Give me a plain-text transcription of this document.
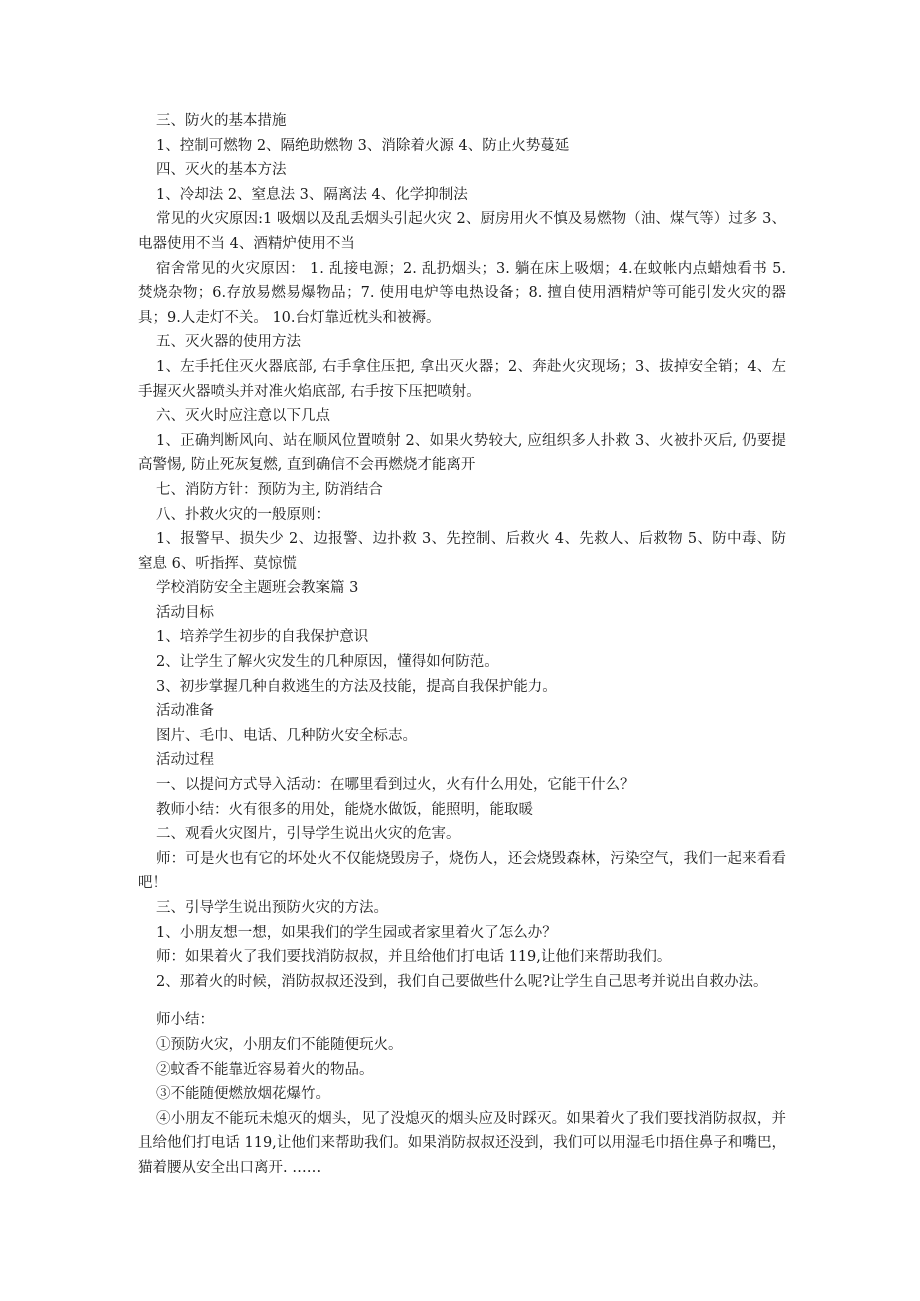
三、防火的基本措施

1、控制可燃物 2、隔绝助燃物 3、消除着火源 4、防止火势蔓延

四、灭火的基本方法

1、冷却法 2、窒息法 3、隔离法 4、化学抑制法

常见的火灾原因:1 吸烟以及乱丢烟头引起火灾 2、厨房用火不慎及易燃物（油、煤气等）过多 3、电器使用不当 4、酒精炉使用不当

宿舍常见的火灾原因： 1. 乱接电源；2. 乱扔烟头；3. 躺在床上吸烟；4.在蚊帐内点蜡烛看书 5. 焚烧杂物；6.存放易燃易爆物品；7. 使用电炉等电热设备；8. 擅自使用酒精炉等可能引发火灾的器具；9.人走灯不关。 10.台灯靠近枕头和被褥。

五、灭火器的使用方法

1、左手托住灭火器底部, 右手拿住压把, 拿出灭火器；2、奔赴火灾现场；3、拔掉安全销；4、左手握灭火器喷头并对准火焰底部, 右手按下压把喷射。

六、灭火时应注意以下几点

1、正确判断风向、站在顺风位置喷射 2、如果火势较大, 应组织多人扑救 3、火被扑灭后, 仍要提高警惕, 防止死灰复燃, 直到确信不会再燃烧才能离开

七、消防方针：预防为主, 防消结合

八、扑救火灾的一般原则：

1、报警早、损失少 2、边报警、边扑救 3、先控制、后救火 4、先救人、后救物 5、防中毒、防窒息 6、听指挥、莫惊慌

学校消防安全主题班会教案篇 3

活动目标

1、培养学生初步的自我保护意识

2、让学生了解火灾发生的几种原因，懂得如何防范。

3、初步掌握几种自救逃生的方法及技能，提高自我保护能力。

活动准备

图片、毛巾、电话、几种防火安全标志。

活动过程

一、以提问方式导入活动：在哪里看到过火，火有什么用处，它能干什么？

教师小结：火有很多的用处，能烧水做饭，能照明，能取暖

二、观看火灾图片，引导学生说出火灾的危害。

师：可是火也有它的坏处火不仅能烧毁房子，烧伤人，还会烧毁森林，污染空气，我们一起来看看吧！

三、引导学生说出预防火灾的方法。

1、小朋友想一想，如果我们的学生园或者家里着火了怎么办？

师：如果着火了我们要找消防叔叔，并且给他们打电话 119,让他们来帮助我们。

2、那着火的时候，消防叔叔还没到，我们自己要做些什么呢?让学生自己思考并说出自救办法。

师小结：

①预防火灾，小朋友们不能随便玩火。

②蚊香不能靠近容易着火的物品。

③不能随便燃放烟花爆竹。

④小朋友不能玩未熄灭的烟头，见了没熄灭的烟头应及时踩灭。如果着火了我们要找消防叔叔，并且给他们打电话 119,让他们来帮助我们。如果消防叔叔还没到，我们可以用湿毛巾捂住鼻子和嘴巴，猫着腰从安全出口离开. ……
